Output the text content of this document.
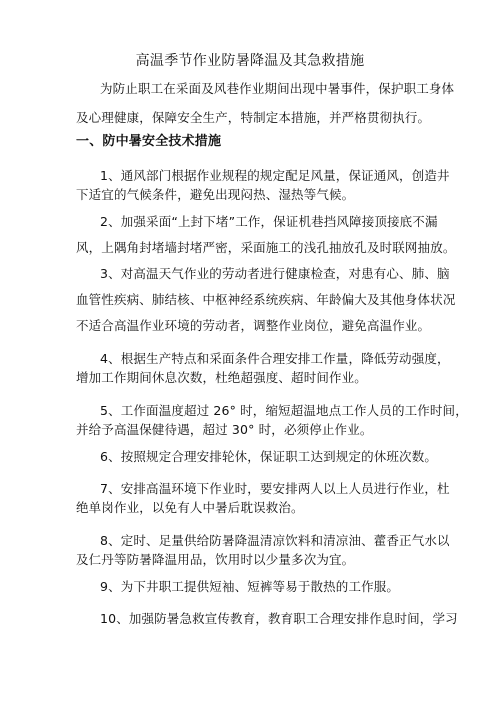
高温季节作业防暑降温及其急救措施
为防止职工在采面及风巷作业期间出现中暑事件，保护职工身体
及心理健康，保障安全生产，特制定本措施，并严格贯彻执行。
一、防中暑安全技术措施
1、通风部门根据作业规程的规定配足风量，保证通风，创造井
下适宜的气候条件，避免出现闷热、湿热等气候。
2、加强采面“上封下堵”工作，保证机巷挡风障接顶接底不漏
风，上隅角封堵墙封堵严密，采面施工的浅孔抽放孔及时联网抽放。
3、对高温天气作业的劳动者进行健康检查，对患有心、肺、脑
血管性疾病、肺结核、中枢神经系统疾病、年龄偏大及其他身体状况
不适合高温作业环境的劳动者，调整作业岗位，避免高温作业。
4、根据生产特点和采面条件合理安排工作量，降低劳动强度，
增加工作期间休息次数，杜绝超强度、超时间作业。
5、工作面温度超过 26° 时，缩短超温地点工作人员的工作时间，
并给予高温保健待遇，超过 30° 时，必须停止作业。
6、按照规定合理安排轮休，保证职工达到规定的休班次数。
7、安排高温环境下作业时，要安排两人以上人员进行作业，杜
绝单岗作业，以免有人中暑后耽误救治。
8、定时、足量供给防暑降温清凉饮料和清凉油、藿香正气水以
及仁丹等防暑降温用品，饮用时以少量多次为宜。
9、为下井职工提供短袖、短裤等易于散热的工作服。
10、加强防暑急救宣传教育，教育职工合理安排作息时间，学习
